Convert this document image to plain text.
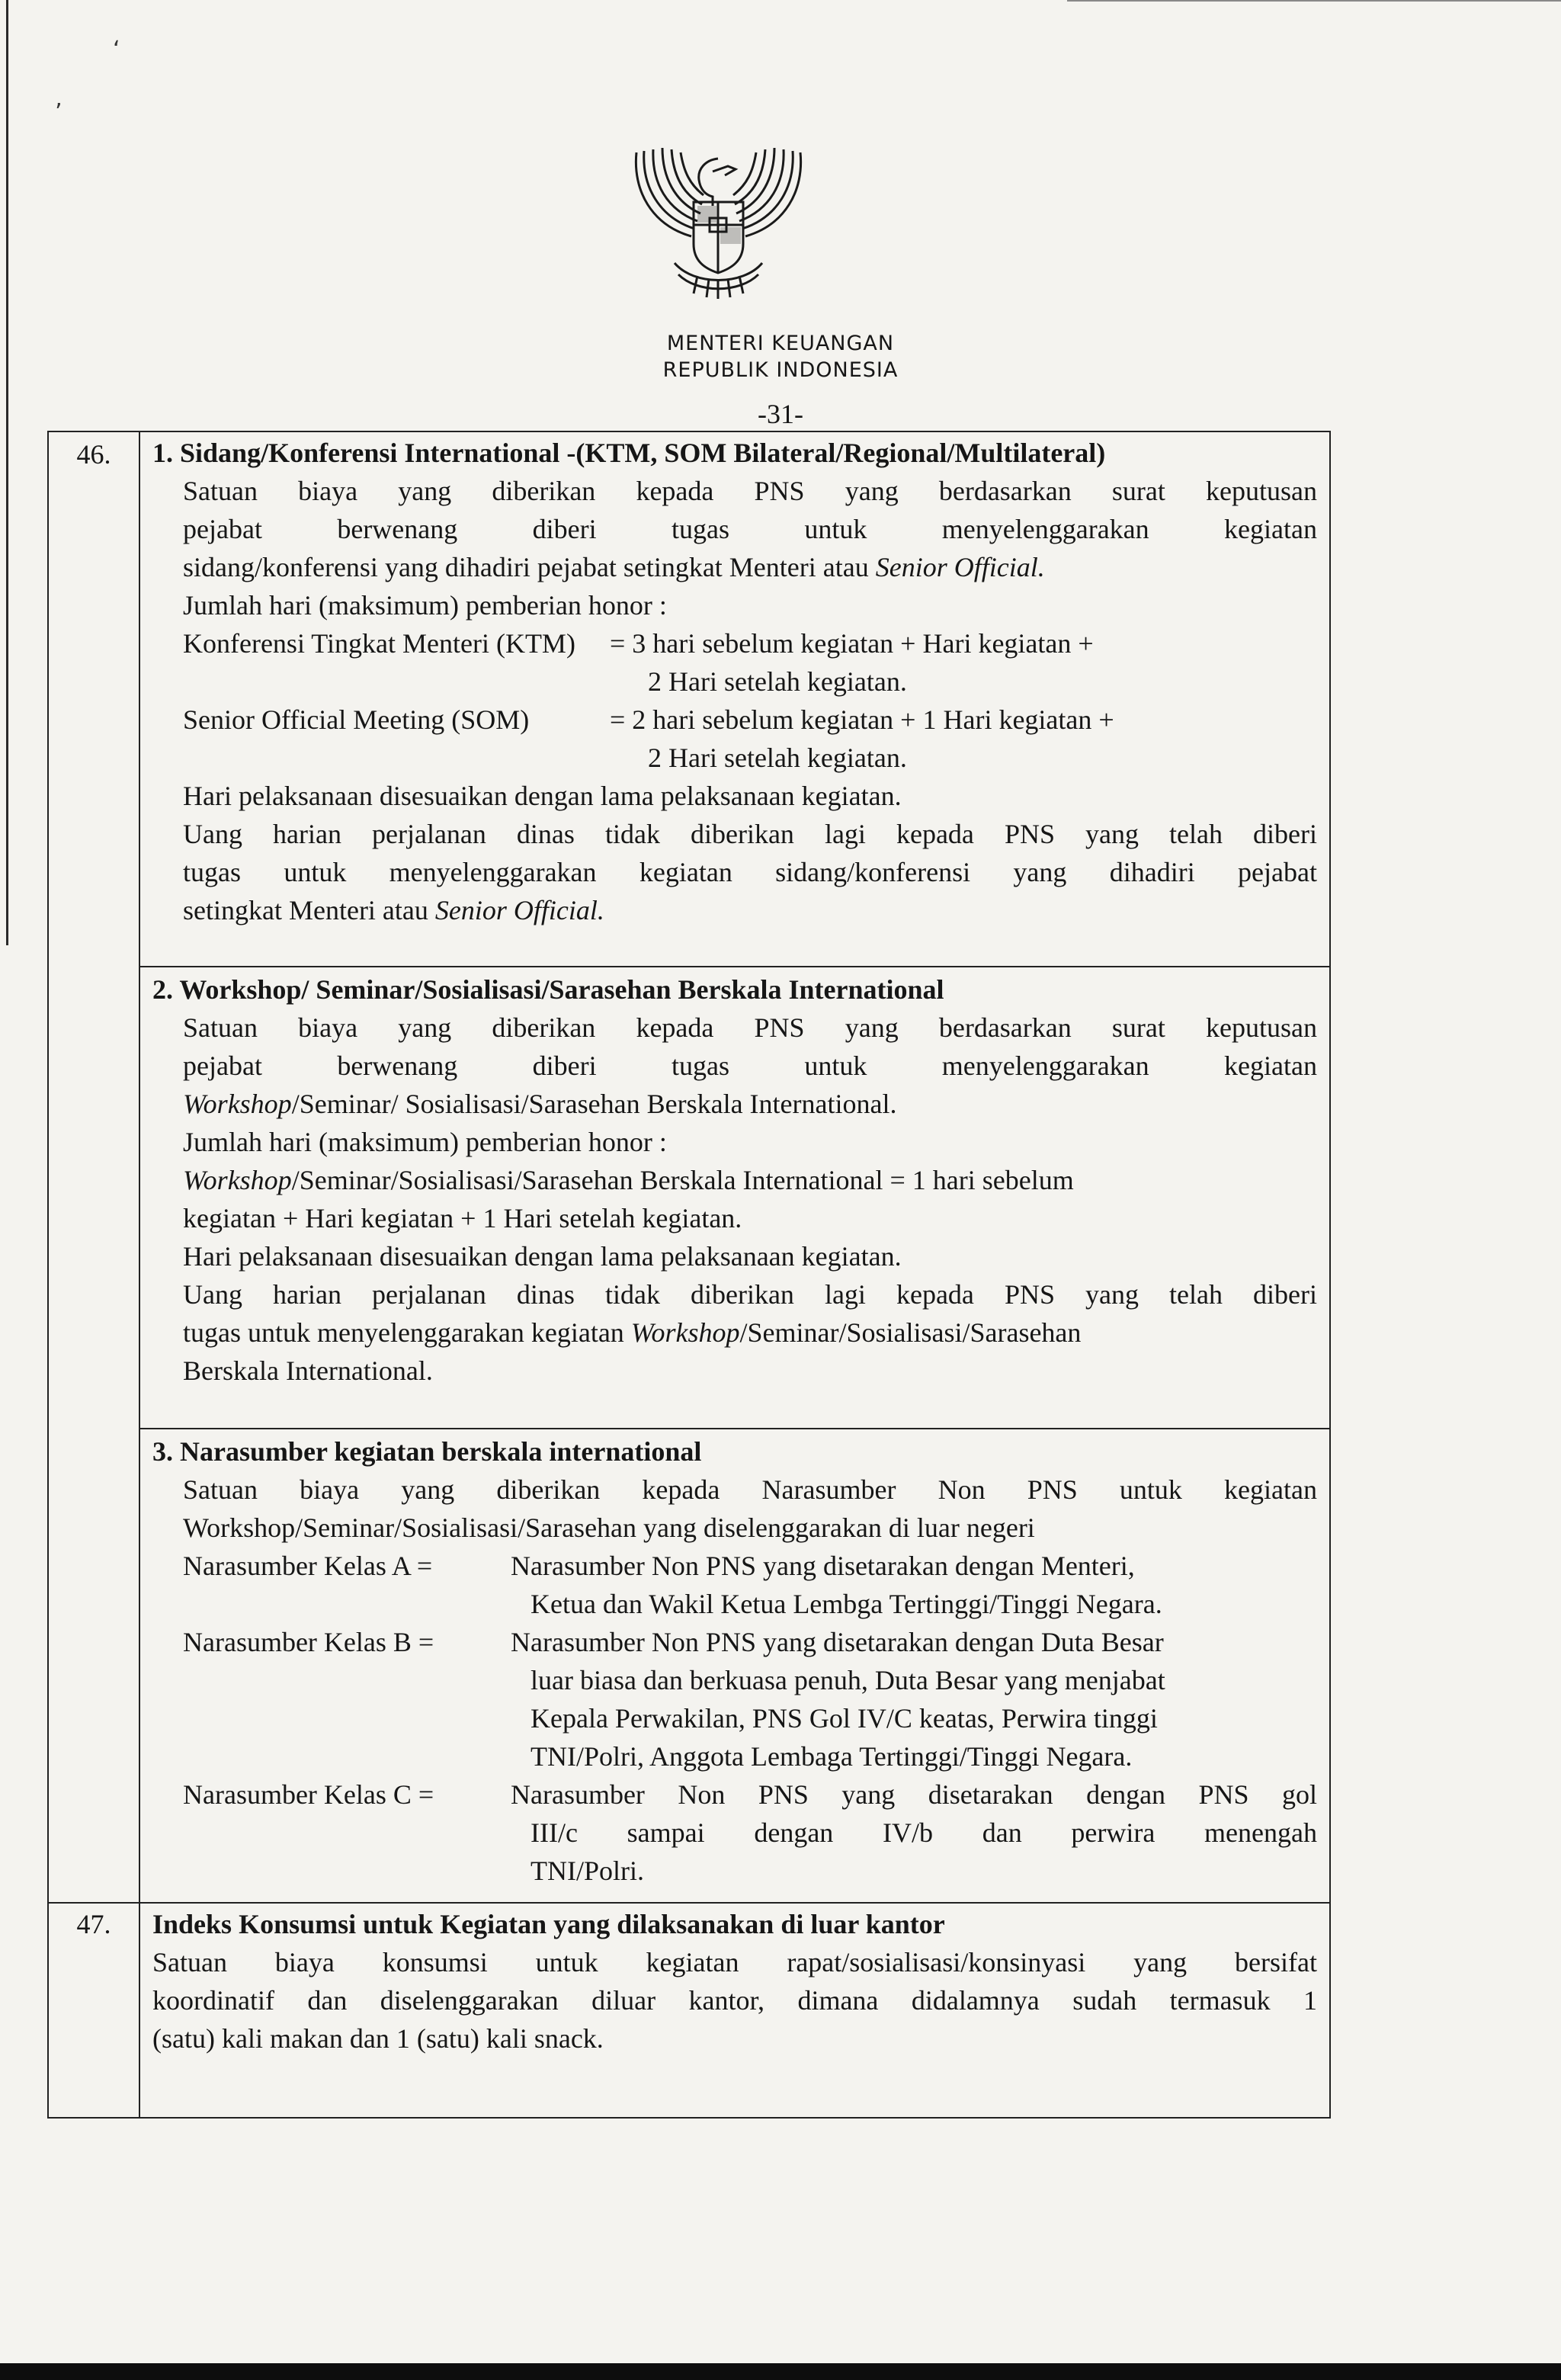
‘
’
MENTERI KEUANGAN
REPUBLIK INDONESIA
-31-
46.	1. Sidang/Konferensi International -(KTM, SOM Bilateral/Regional/Multilateral)
Satuan biaya yang diberikan kepada PNS yang berdasarkan surat keputusan
pejabat berwenang diberi tugas untuk menyelenggarakan kegiatan
sidang/konferensi yang dihadiri pejabat setingkat Menteri atau Senior Official.
Jumlah hari (maksimum) pemberian honor :
Konferensi Tingkat Menteri (KTM)	= 3 hari sebelum kegiatan + Hari kegiatan +
2 Hari setelah kegiatan.
Senior Official Meeting (SOM)	= 2 hari sebelum kegiatan + 1 Hari kegiatan +
2 Hari setelah kegiatan.
Hari pelaksanaan disesuaikan dengan lama pelaksanaan kegiatan.
Uang harian perjalanan dinas tidak diberikan lagi kepada PNS yang telah diberi
tugas untuk menyelenggarakan kegiatan sidang/konferensi yang dihadiri pejabat
setingkat Menteri atau Senior Official.
2. Workshop/ Seminar/Sosialisasi/Sarasehan Berskala International
Satuan biaya yang diberikan kepada PNS yang berdasarkan surat keputusan
pejabat berwenang diberi tugas untuk menyelenggarakan kegiatan
Workshop/Seminar/ Sosialisasi/Sarasehan Berskala International.
Jumlah hari (maksimum) pemberian honor :
Workshop/Seminar/Sosialisasi/Sarasehan Berskala International = 1 hari sebelum
kegiatan + Hari kegiatan + 1 Hari setelah kegiatan.
Hari pelaksanaan disesuaikan dengan lama pelaksanaan kegiatan.
Uang harian perjalanan dinas tidak diberikan lagi kepada PNS yang telah diberi
tugas untuk menyelenggarakan kegiatan Workshop/Seminar/Sosialisasi/Sarasehan
Berskala International.
3. Narasumber kegiatan berskala international
Satuan biaya yang diberikan kepada Narasumber Non PNS untuk kegiatan
Workshop/Seminar/Sosialisasi/Sarasehan yang diselenggarakan di luar negeri
Narasumber Kelas A =	Narasumber Non PNS yang disetarakan dengan Menteri,
Ketua dan Wakil Ketua Lembga Tertinggi/Tinggi Negara.
Narasumber Kelas B =	Narasumber Non PNS yang disetarakan dengan Duta Besar
luar biasa dan berkuasa penuh, Duta Besar yang menjabat
Kepala Perwakilan, PNS Gol IV/C keatas, Perwira tinggi
TNI/Polri, Anggota Lembaga Tertinggi/Tinggi Negara.
Narasumber Kelas C =	Narasumber Non PNS yang disetarakan dengan PNS gol
III/c sampai dengan IV/b dan perwira menengah
TNI/Polri.
47.	Indeks Konsumsi untuk Kegiatan yang dilaksanakan di luar kantor
Satuan biaya konsumsi untuk kegiatan rapat/sosialisasi/konsinyasi yang bersifat
koordinatif dan diselenggarakan diluar kantor, dimana didalamnya sudah termasuk 1
(satu) kali makan dan 1 (satu) kali snack.
